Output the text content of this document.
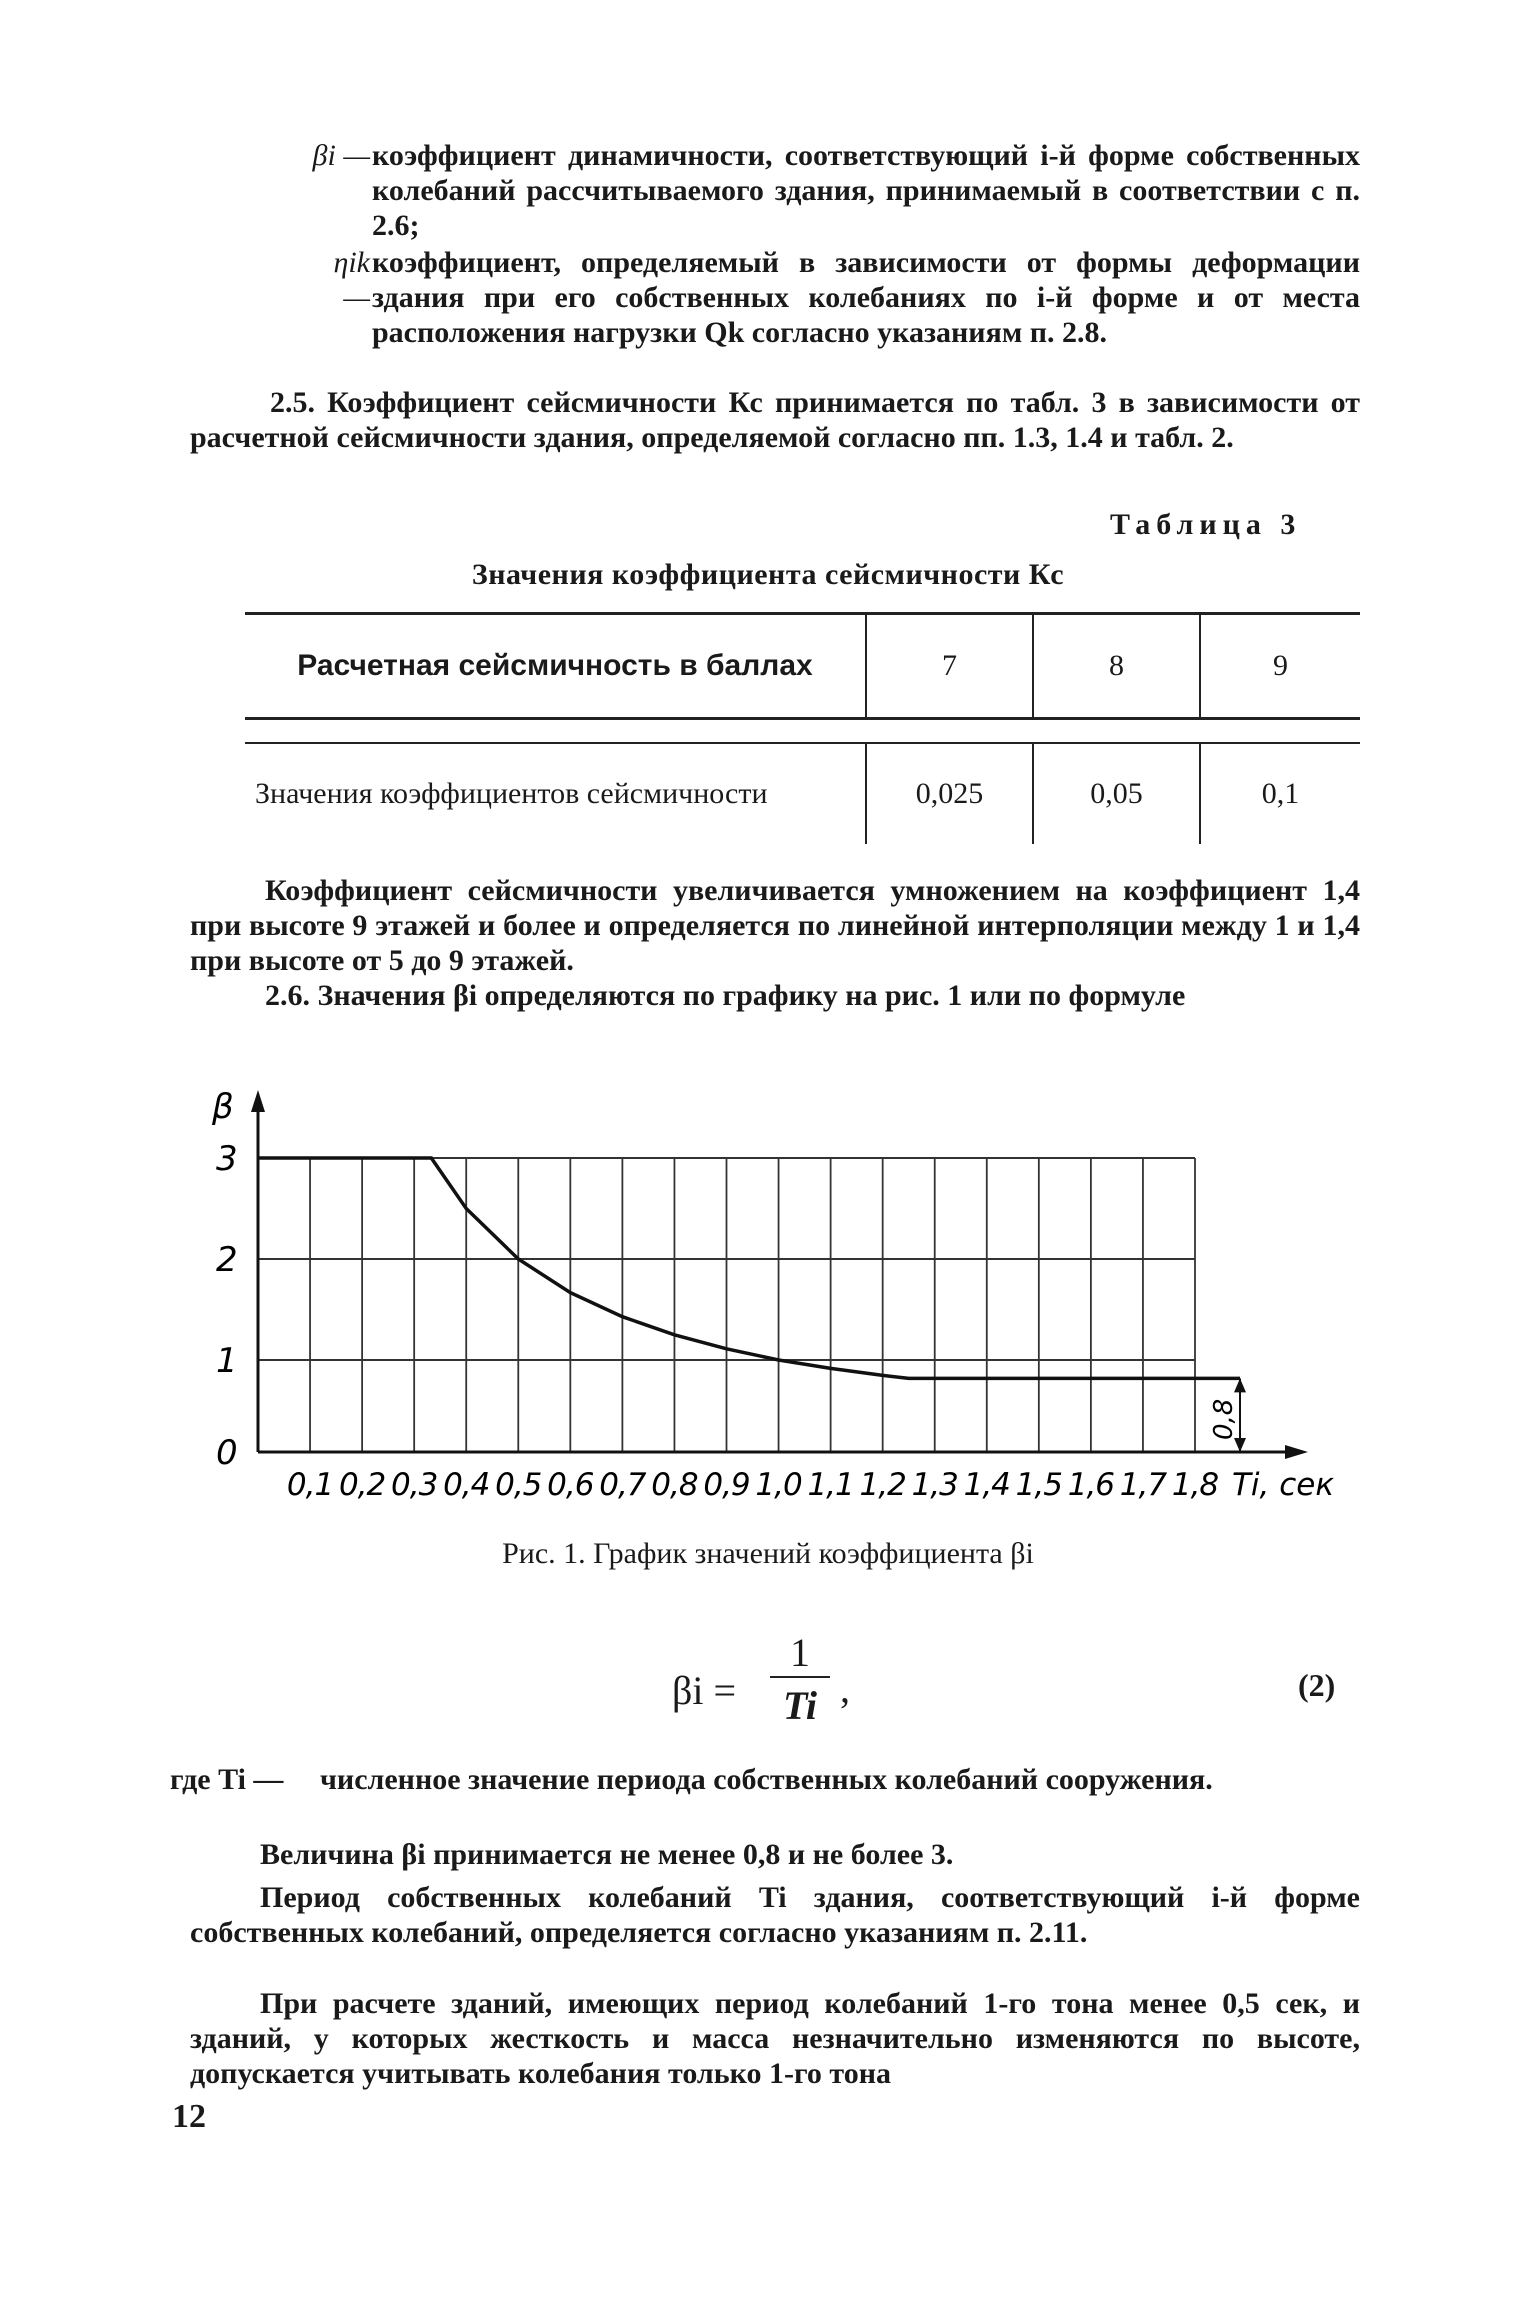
βi — коэффициент динамичности, соответствующий i-й форме собственных колебаний рассчитываемого здания, принимаемый в соответствии с п. 2.6;
ηik —
коэффициент, определяемый в зависимости от формы деформации здания при его собственных колебаниях по i-й форме и от места расположения нагрузки Qk согласно указаниям п. 2.8.

2.5. Коэффициент сейсмичности Кс принимается по табл. 3 в зависимости от расчетной сейсмичности здания, определяемой согласно пп. 1.3, 1.4 и табл. 2.

Таблица 3
Значения коэффициента сейсмичности Кс
Расчетная сейсмичность в баллах	7	8	9

Значения коэффициентов сейсмичности	0,025	0,05	0,1

Коэффициент сейсмичности увеличивается умножением на коэффициент 1,4 при высоте 9 этажей и более и определяется по линейной интерполяции между 1 и 1,4 при высоте от 5 до 9 этажей.

2.6. Значения βi определяются по графику на рис. 1 или по формуле

0,8
0
1
2
3
β
0,1 0,2 0,3 0,4 0,5 0,6 0,7 0,8 0,9 1,0 1,1 1,2 1,3 1,4 1,5 1,6 1,7 1,8 Ti, сек
Рис. 1. График значений коэффициента βi
βi =
1
Ti ,	(2)
где Ti —	численное значение периода собственных колебаний сооружения.

Величина βi принимается не менее 0,8 и не более 3.

Период собственных колебаний Ti здания, соответствующий i-й форме собственных колебаний, определяется согласно указаниям п. 2.11.

При расчете зданий, имеющих период колебаний 1-го тона менее 0,5 сек, и зданий, у которых жесткость и масса незначительно изменяются по высоте, допускается учитывать колебания только 1-го тона

12
